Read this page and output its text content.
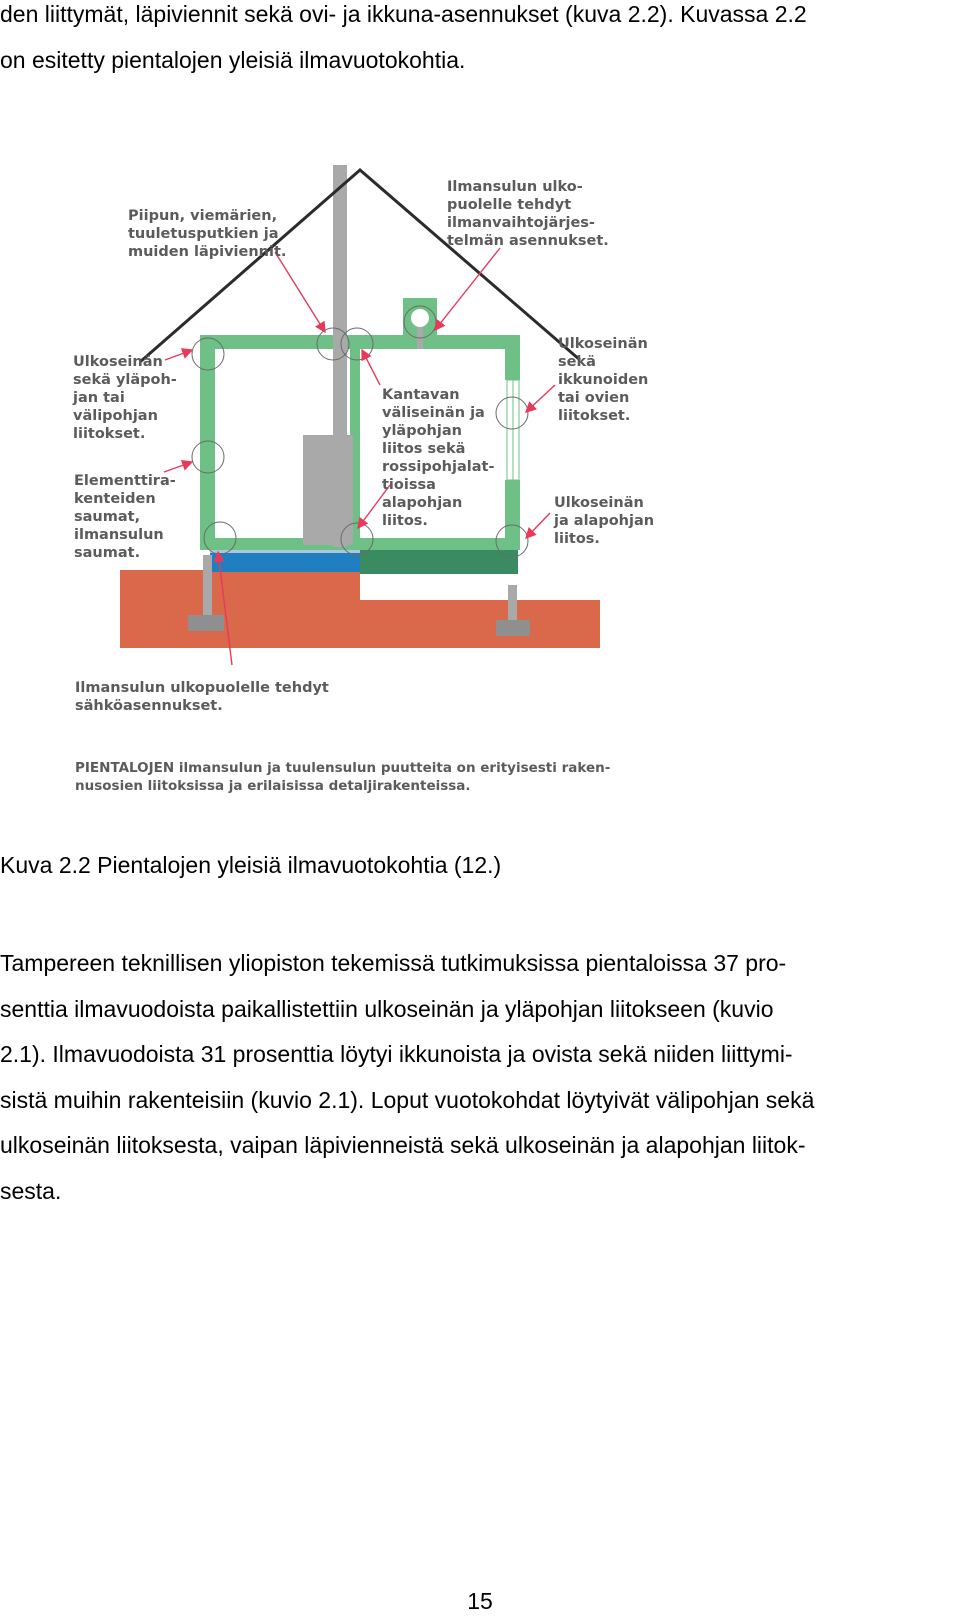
den liittymät, läpiviennit sekä ovi- ja ikkuna-asennukset (kuva 2.2). Kuvassa 2.2
on esitetty pientalojen yleisiä ilmavuotokohtia.
Piipun, viemärien, tuuletusputkien ja muiden läpiviennit.
Ilmansulun ulko- puolelle tehdyt ilmanvaihtojärjes- telmän asennukset.
Ulkoseinän sekä yläpoh- jan tai välipohjan liitokset.
Kantavan väliseinän ja yläpohjan liitos sekä rossipohjalat- tioissa alapohjan liitos.
Ulkoseinän sekä ikkunoiden tai ovien liitokset.
Elementtira- kenteiden saumat, ilmansulun saumat.
Ulkoseinän ja alapohjan liitos.
Ilmansulun ulkopuolelle tehdyt sähköasennukset.
PIENTALOJEN ilmansulun ja tuulensulun puutteita on erityisesti raken- nusosien liitoksissa ja erilaisissa detaljirakenteissa.
Kuva 2.2 Pientalojen yleisiä ilmavuotokohtia (12.)
Tampereen teknillisen yliopiston tekemissä tutkimuksissa pientaloissa 37 pro-
senttia ilmavuodoista paikallistettiin ulkoseinän ja yläpohjan liitokseen (kuvio
2.1). Ilmavuodoista 31 prosenttia löytyi ikkunoista ja ovista sekä niiden liittymi-
sistä muihin rakenteisiin (kuvio 2.1). Loput vuotokohdat löytyivät välipohjan sekä
ulkoseinän liitoksesta, vaipan läpivienneistä sekä ulkoseinän ja alapohjan liitok-
sesta.
15
